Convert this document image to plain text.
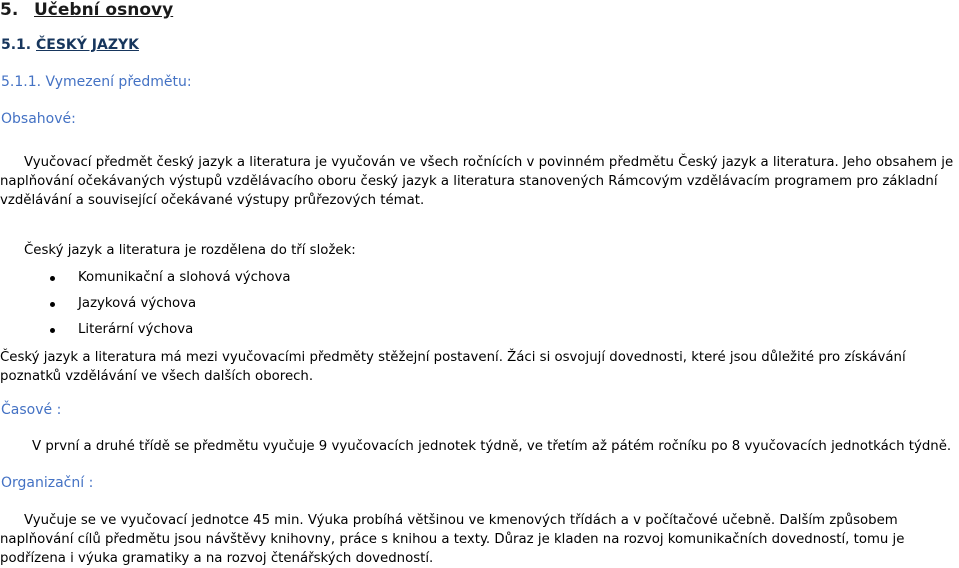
5. Učební osnovy
5.1. ČESKÝ JAZYK
5.1.1. Vymezení předmětu:
Obsahové:
Vyučovací předmět český jazyk a literatura je vyučován ve všech ročnících v povinném předmětu Český jazyk a literatura. Jeho obsahem je
naplňování očekávaných výstupů vzdělávacího oboru český jazyk a literatura stanovených Rámcovým vzdělávacím programem pro základní
vzdělávání a související očekávané výstupy průřezových témat.
Český jazyk a literatura je rozdělena do tří složek:
Komunikační a slohová výchova
Jazyková výchova
Literární výchova
Český jazyk a literatura má mezi vyučovacími předměty stěžejní postavení. Žáci si osvojují dovednosti, které jsou důležité pro získávání
poznatků vzdělávání ve všech dalších oborech.
Časové :
V první a druhé třídě se předmětu vyučuje 9 vyučovacích jednotek týdně, ve třetím až pátém ročníku po 8 vyučovacích jednotkách týdně.
Organizační :
Vyučuje se ve vyučovací jednotce 45 min. Výuka probíhá většinou ve kmenových třídách a v počítačové učebně. Dalším způsobem
naplňování cílů předmětu jsou návštěvy knihovny, práce s knihou a texty. Důraz je kladen na rozvoj komunikačních dovedností, tomu je
podřízena i výuka gramatiky a na rozvoj čtenářských dovedností.
